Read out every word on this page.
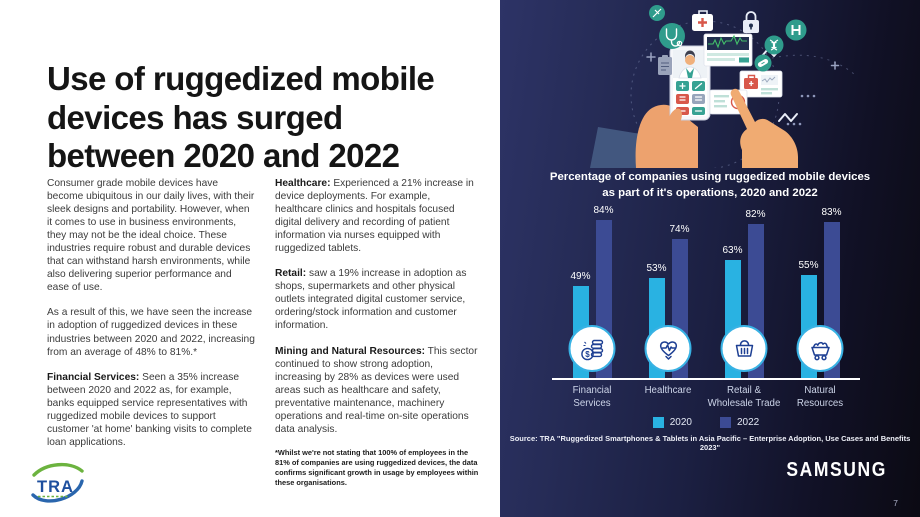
Use of ruggedized mobile
devices has surged
between 2020 and 2022

Consumer grade mobile devices have become ubiquitous in our daily lives, with their sleek designs and portability. However, when it comes to use in business environments, they may not be the ideal choice. These industries require robust and durable devices that can withstand harsh environments, while also delivering superior performance and ease of use.

As a result of this, we have seen the increase in adoption of ruggedized devices in these industries between 2020 and 2022, increasing from an average of 48% to 81%.*

Financial Services: Seen a 35% increase between 2020 and 2022 as, for example, banks equipped service representatives with ruggedized mobile devices to support customer 'at home' banking visits to complete loan applications.

Healthcare: Experienced a 21% increase in device deployments. For example, healthcare clinics and hospitals focused digital delivery and recording of patient information via nurses equipped with ruggedized tablets.

Retail: saw a 19% increase in adoption as shops, supermarkets and other physical outlets integrated digital customer service, ordering/stock information and customer information.

Mining and Natural Resources: This sector continued to show strong adoption, increasing by 28% as devices were used areas such as healthcare and safety, preventative maintenance, machinery operations and real-time on-site operations data analysis.

*Whilst we're not stating that 100% of employees in the 81% of companies are using ruggedized devices, the data confirms significant growth in usage by employees within these organisations.
TRA
Percentage of companies using ruggedized mobile devices
as part of it's operations, 2020 and 2022
49%
84%
$
53%
74%
63%
82%
55%
83%
Financial Services
Healthcare	Retail & Wholesale Trade
Natural Resources
2020	2022
Source: TRA "Ruggedized Smartphones & Tablets in Asia Pacific – Enterprise Adoption, Use Cases and Benefits 2023"
SAMSUNG
7
